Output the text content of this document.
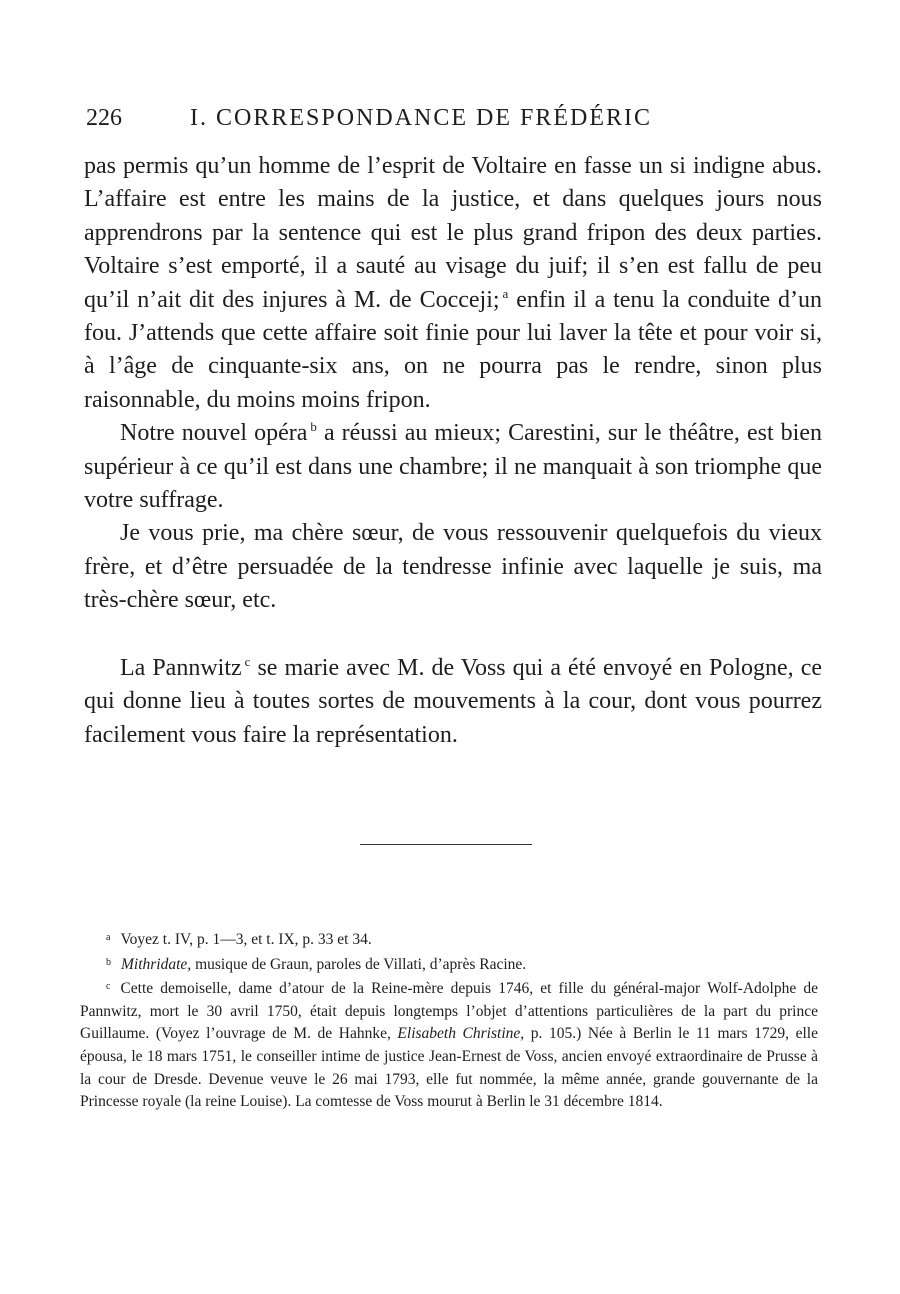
226	I. CORRESPONDANCE DE FRÉDÉRIC

pas permis qu’un homme de l’esprit de Voltaire en fasse un si indigne abus. L’affaire est entre les mains de la justice, et dans quelques jours nous apprendrons par la sentence qui est le plus grand fripon des deux parties. Voltaire s’est emporté, il a sauté au visage du juif; il s’en est fallu de peu qu’il n’ait dit des injures à M. de Cocceji; $^a$ enfin il a tenu la conduite d’un fou. J’attends que cette affaire soit finie pour lui laver la tête et pour voir si, à l’âge de cinquante-six ans, on ne pourra pas le rendre, sinon plus raisonnable, du moins moins fripon.

Notre nouvel opéra $^b$ a réussi au mieux; Carestini, sur le théâtre, est bien supérieur à ce qu’il est dans une chambre; il ne manquait à son triomphe que votre suffrage.

Je vous prie, ma chère sœur, de vous ressouvenir quelquefois du vieux frère, et d’être persuadée de la tendresse infinie avec laquelle je suis, ma très-chère sœur, etc.

La Pannwitz $^c$ se marie avec M. de Voss qui a été envoyé en Pologne, ce qui donne lieu à toutes sortes de mouvements à la cour, dont vous pourrez facilement vous faire la représentation.

$^a$ Voyez t. IV, p. 1—3, et t. IX, p. 33 et 34.

$^b$ Mithridate, musique de Graun, paroles de Villati, d’après Racine.

$^c$ Cette demoiselle, dame d’atour de la Reine-mère depuis 1746, et fille du général-major Wolf-Adolphe de Pannwitz, mort le 30 avril 1750, était depuis longtemps l’objet d’attentions particulières de la part du prince Guillaume. (Voyez l’ouvrage de M. de Hahnke, Elisabeth Christine, p. 105.) Née à Berlin le 11 mars 1729, elle épousa, le 18 mars 1751, le conseiller intime de justice Jean-Ernest de Voss, ancien envoyé extraordinaire de Prusse à la cour de Dresde. Devenue veuve le 26 mai 1793, elle fut nommée, la même année, grande gouvernante de la Princesse royale (la reine Louise). La comtesse de Voss mourut à Berlin le 31 décembre 1814.
